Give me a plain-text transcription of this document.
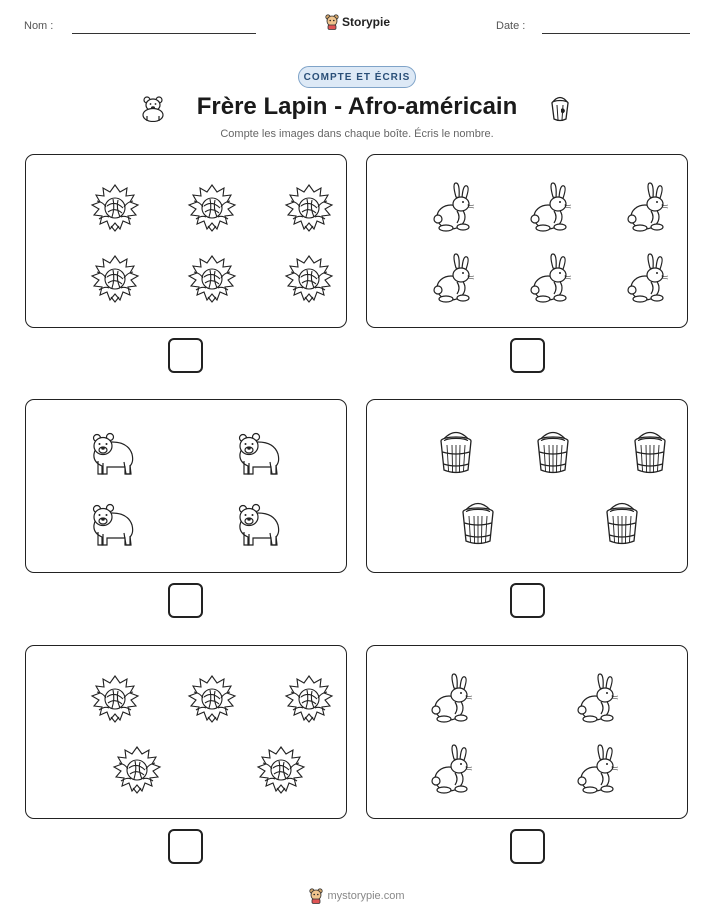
Nom :	Storypie	Date :
COMPTE ET ÉCRIS
Frère Lapin - Afro-américain
Compte les images dans chaque boîte. Écris le nombre.
mystorypie.com
